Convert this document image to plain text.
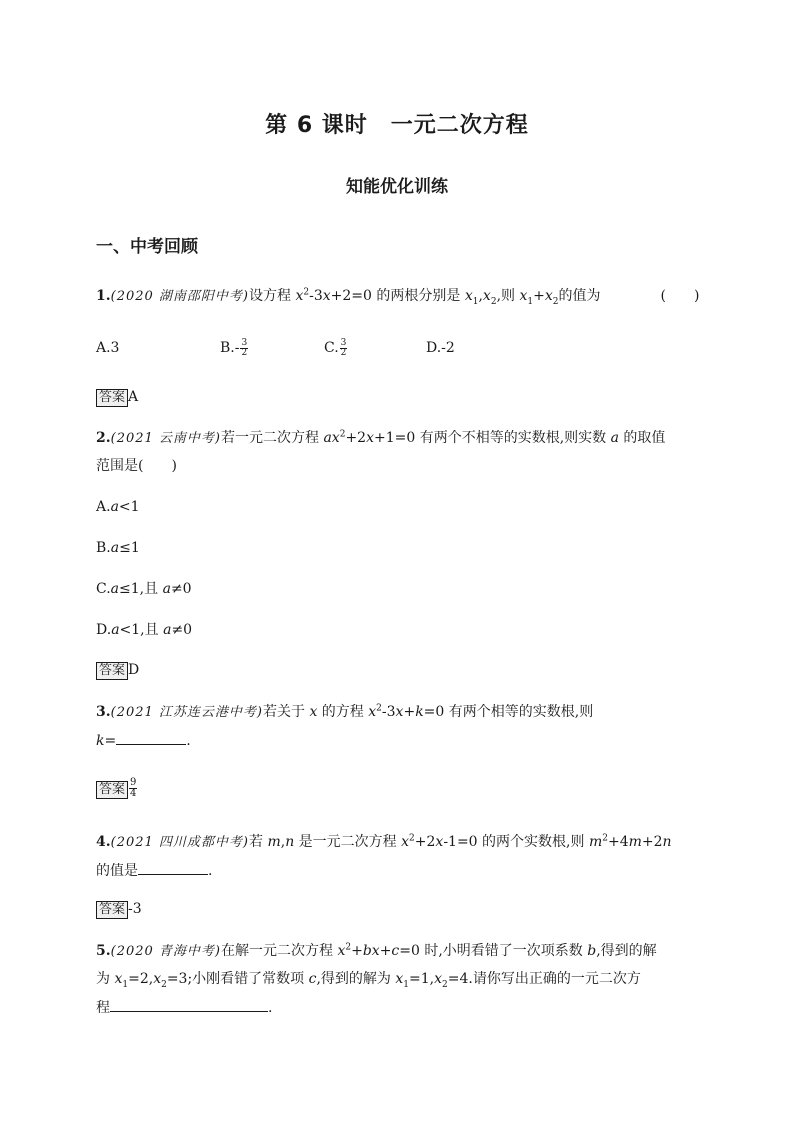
第 6 课时　一元二次方程
知能优化训练
一、中考回顾
1.(2020 湖南邵阳中考)设方程 $x^2-3x+2=0$ 的两根分别是 $x_1,x_2$,则 $x_1+x_2$的值为	(　　)
A.3	$B.- \frac{3}{2}$	C. $\frac{3}{2}$	D.-2
答案 A
2.(2021 云南中考)若一元二次方程 $ax^2+2x+1=0$ 有两个不相等的实数根,则实数 a 的取值
范围是(　　)
A.a<1
B.a≤1
C.a≤1,且 a≠0
D.a<1,且 a≠0
答案 D
3.(2021 江苏连云港中考)若关于 x 的方程 $x^2-3x+k=0$ 有两个相等的实数根,则
k=	.
答案 $\frac{9}{4}$
4.(2021 四川成都中考)若 m,n 是一元二次方程 $x^2+2x-1=0$ 的两个实数根,则 $m^2+4m+2n$
的值是	.
答案 -3
5.(2020 青海中考)在解一元二次方程 $x^2+bx+c=0$ 时,小明看错了一次项系数 b,得到的解
为 $x_1=2,x_2=3$;小刚看错了常数项 c,得到的解为 $x_1=1,x_2=4$.请你写出正确的一元二次方
程	.
